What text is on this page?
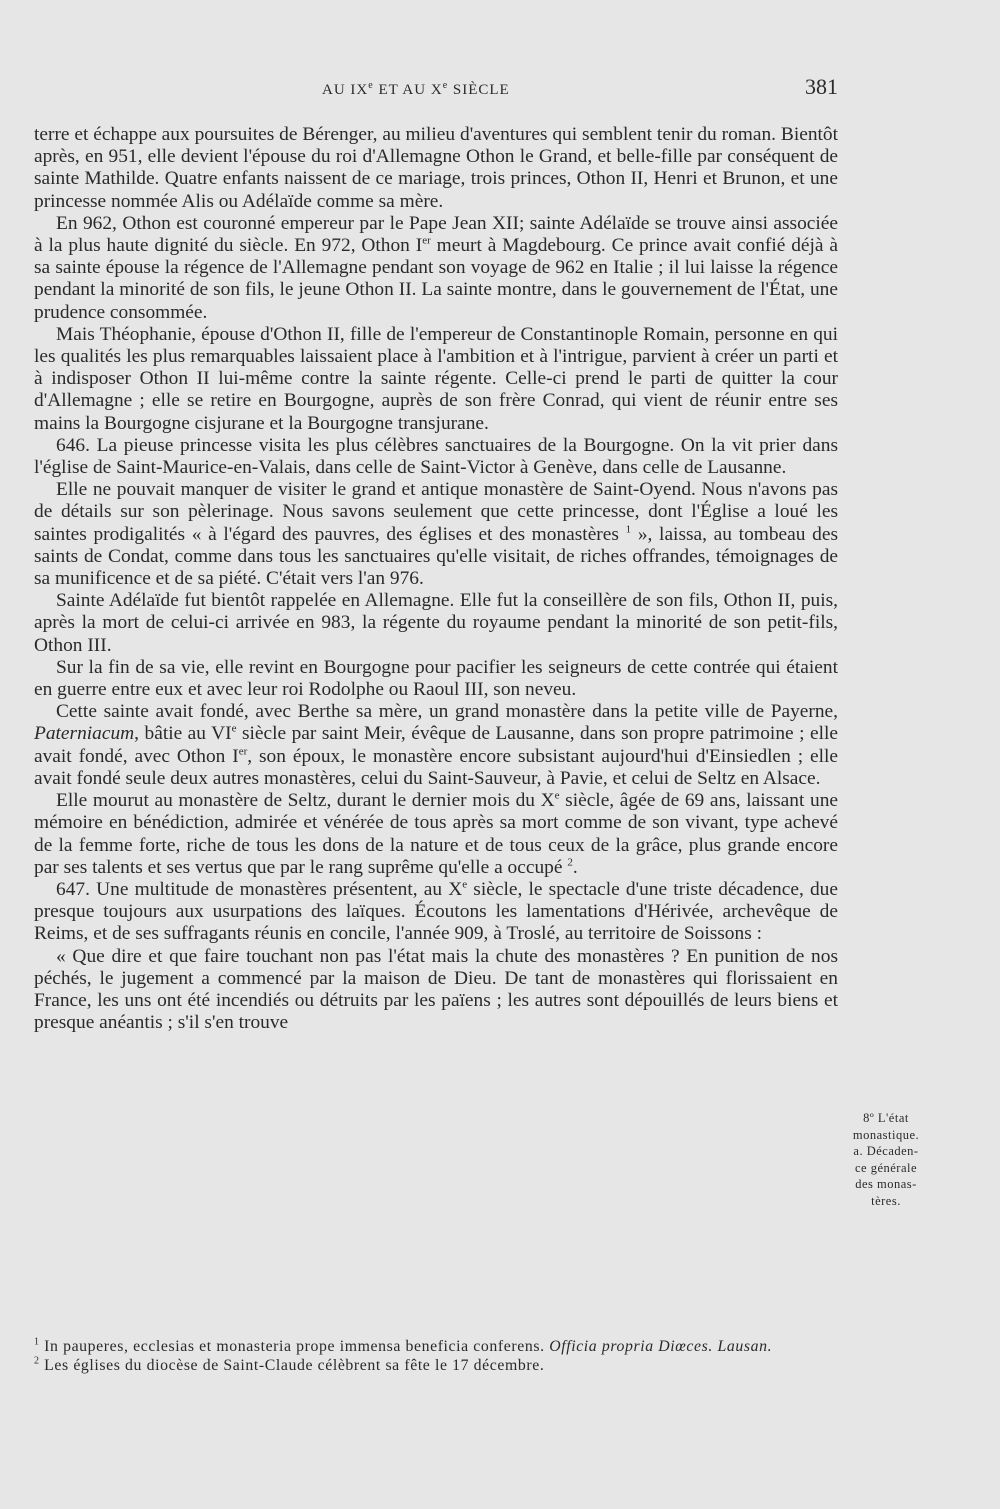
AU IXe ET AU Xe SIÈCLE	381

terre et échappe aux poursuites de Bérenger, au milieu d'aventures qui semblent tenir du roman. Bientôt après, en 951, elle devient l'épouse du roi d'Allemagne Othon le Grand, et belle-fille par conséquent de sainte Mathilde. Quatre enfants naissent de ce mariage, trois princes, Othon II, Henri et Brunon, et une princesse nommée Alis ou Adélaïde comme sa mère.

En 962, Othon est couronné empereur par le Pape Jean XII; sainte Adélaïde se trouve ainsi associée à la plus haute dignité du siècle. En 972, Othon Ier meurt à Magdebourg. Ce prince avait confié déjà à sa sainte épouse la régence de l'Allemagne pendant son voyage de 962 en Italie ; il lui laisse la régence pendant la minorité de son fils, le jeune Othon II. La sainte montre, dans le gouvernement de l'État, une prudence consommée.

Mais Théophanie, épouse d'Othon II, fille de l'empereur de Constantinople Romain, personne en qui les qualités les plus remarquables laissaient place à l'ambition et à l'intrigue, parvient à créer un parti et à indisposer Othon II lui-même contre la sainte régente. Celle-ci prend le parti de quitter la cour d'Allemagne ; elle se retire en Bourgogne, auprès de son frère Conrad, qui vient de réunir entre ses mains la Bourgogne cisjurane et la Bourgogne transjurane.

646. La pieuse princesse visita les plus célèbres sanctuaires de la Bourgogne. On la vit prier dans l'église de Saint-Maurice-en-Valais, dans celle de Saint-Victor à Genève, dans celle de Lausanne.

Elle ne pouvait manquer de visiter le grand et antique monastère de Saint-Oyend. Nous n'avons pas de détails sur son pèlerinage. Nous savons seulement que cette princesse, dont l'Église a loué les saintes prodigalités « à l'égard des pauvres, des églises et des monastères $^1$ », laissa, au tombeau des saints de Condat, comme dans tous les sanctuaires qu'elle visitait, de riches offrandes, témoignages de sa munificence et de sa piété. C'était vers l'an 976.

Sainte Adélaïde fut bientôt rappelée en Allemagne. Elle fut la conseillère de son fils, Othon II, puis, après la mort de celui-ci arrivée en 983, la régente du royaume pendant la minorité de son petit-fils, Othon III.

Sur la fin de sa vie, elle revint en Bourgogne pour pacifier les seigneurs de cette contrée qui étaient en guerre entre eux et avec leur roi Rodolphe ou Raoul III, son neveu.

Cette sainte avait fondé, avec Berthe sa mère, un grand monastère dans la petite ville de Payerne, Paterniacum, bâtie au VIe siècle par saint Meir, évêque de Lausanne, dans son propre patrimoine ; elle avait fondé, avec Othon Ier, son époux, le monastère encore subsistant aujourd'hui d'Einsiedlen ; elle avait fondé seule deux autres monastères, celui du Saint-Sauveur, à Pavie, et celui de Seltz en Alsace.

Elle mourut au monastère de Seltz, durant le dernier mois du Xe siècle, âgée de 69 ans, laissant une mémoire en bénédiction, admirée et vénérée de tous après sa mort comme de son vivant, type achevé de la femme forte, riche de tous les dons de la nature et de tous ceux de la grâce, plus grande encore par ses talents et ses vertus que par le rang suprême qu'elle a occupé $^2$.

647. Une multitude de monastères présentent, au Xe siècle, le spectacle d'une triste décadence, due presque toujours aux usurpations des laïques. Écoutons les lamentations d'Hérivée, archevêque de Reims, et de ses suffragants réunis en concile, l'année 909, à Troslé, au territoire de Soissons :

« Que dire et que faire touchant non pas l'état mais la chute des monastères ? En punition de nos péchés, le jugement a commencé par la maison de Dieu. De tant de monastères qui florissaient en France, les uns ont été incendiés ou détruits par les païens ; les autres sont dépouillés de leurs biens et presque anéantis ; s'il s'en trouve

8º L'état
monastique.
a. Décaden-
ce générale
des monas-
tères.

$^1$ In pauperes, ecclesias et monasteria prope immensa beneficia conferens. Officia propria Diœces. Lausan.

$^2$ Les églises du diocèse de Saint-Claude célèbrent sa fête le 17 décembre.
